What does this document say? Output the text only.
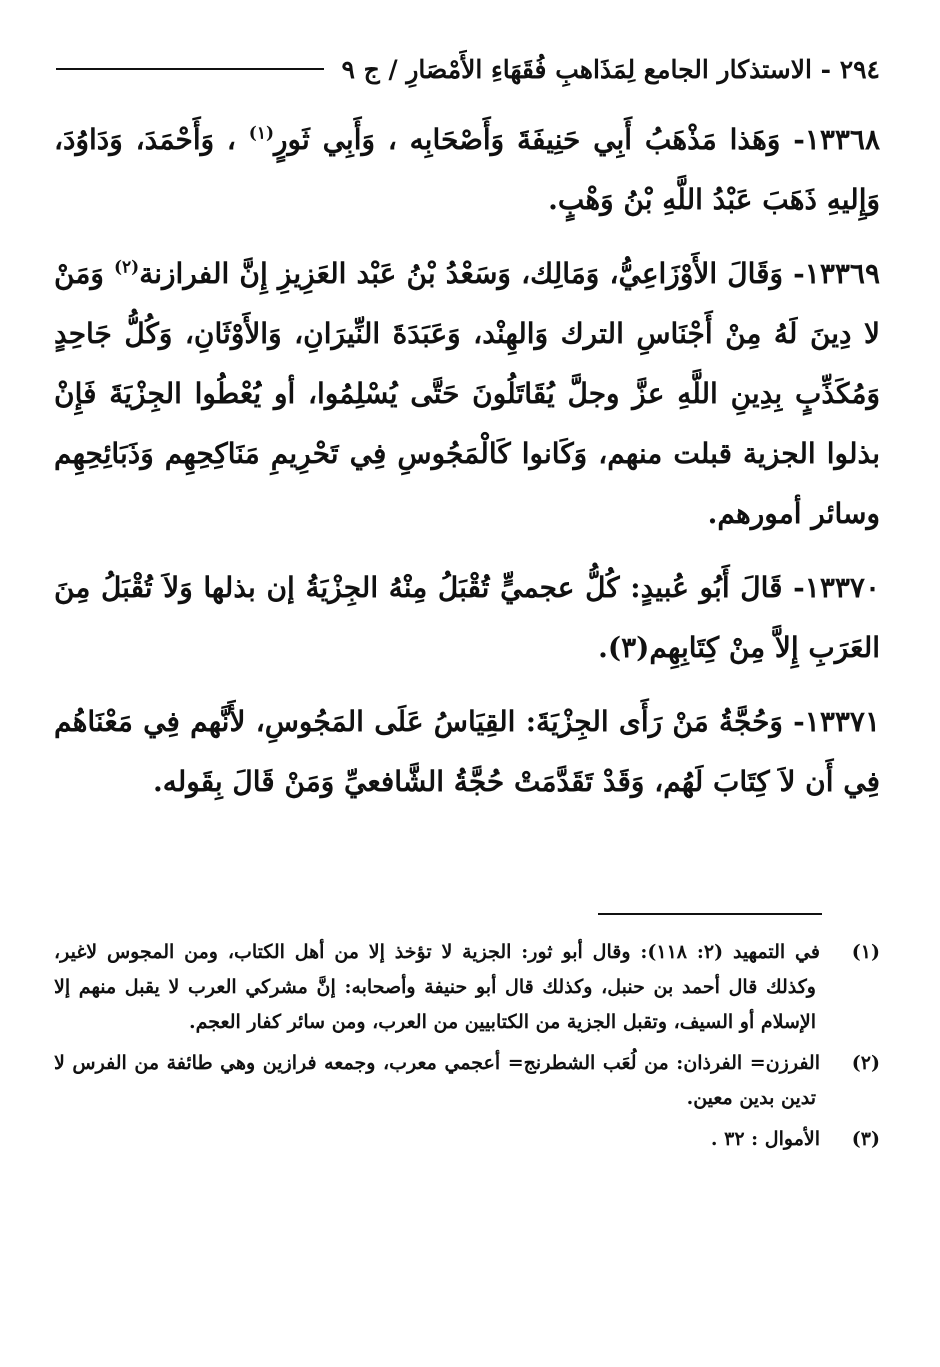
٢٩٤ - الاستذكار الجامع لِمَذَاهبِ فُقَهَاءِ الأَمْصَارِ / ج ٩

١٣٣٦٨- وَهَذا مَذْهَبُ أَبِي حَنِيفَةَ وَأَصْحَابِه ، وَأَبِي ثَورٍ$^{(١)}$ ، وَأَحْمَدَ، وَدَاوُدَ، وَإِليهِ ذَهَبَ عَبْدُ اللَّهِ بْنُ وَهْبٍ.

١٣٣٦٩- وَقَالَ الأَوْزَاعِيُّ، وَمَالِك، وَسَعْدُ بْنُ عَبْد العَزِيزِ إِنَّ الفرازنة$^{(٢)}$ وَمَنْ لا دِينَ لَهُ مِنْ أَجْنَاسِ الترك وَالهِنْد، وَعَبَدَةَ النِّيرَانِ، وَالأَوْثَانِ، وَكُلُّ جَاحِدٍ وَمُكَذِّبٍ بِدِينِ اللَّهِ عزَّ وجلَّ يُقَاتَلُونَ حَتَّى يُسْلِمُوا، أو يُعْطُوا الجِزْيَةَ فَإِنْ بذلوا الجزية قبلت منهم، وَكَانوا كَالْمَجُوسِ فِي تَحْرِيمِ مَنَاكِحِهِم وَذَبَائِحِهِم وسائر أمورهم.

١٣٣٧٠- قَالَ أَبُو عُبيدٍ: كُلُّ عجميٍّ تُقْبَلُ مِنْهُ الجِزْيَةُ إن بذلها وَلاَ تُقْبَلُ مِنَ العَرَبِ إِلاَّ مِنْ كِتَابِهِم(٣).

١٣٣٧١- وَحُجَّةُ مَنْ رَأَى الجِزْيَةَ: القِيَاسُ عَلَى المَجُوسِ، لأَنَّهم فِي مَعْنَاهُم فِي أَن لاَ كِتَابَ لَهُم، وَقَدْ تَقَدَّمَتْ حُجَّةُ الشَّافعيِّ وَمَنْ قَالَ بِقَوله.

(١)في التمهيد (٢: ١١٨): وقال أبو ثور: الجزية لا تؤخذ إلا من أهل الكتاب، ومن المجوس لاغير، وكذلك قال أحمد بن حنبل، وكذلك قال أبو حنيفة وأصحابه: إنَّ مشركي العرب لا يقبل منهم إلا الإسلام أو السيف، وتقبل الجزية من الكتابيين من العرب، ومن سائر كفار العجم.

(٢)الفرزن= الفرذان: من لُعَب الشطرنج= أعجمي معرب، وجمعه فرازين وهي طائفة من الفرس لا تدين بدين معين.

(٣)الأموال : ٣٢ .
